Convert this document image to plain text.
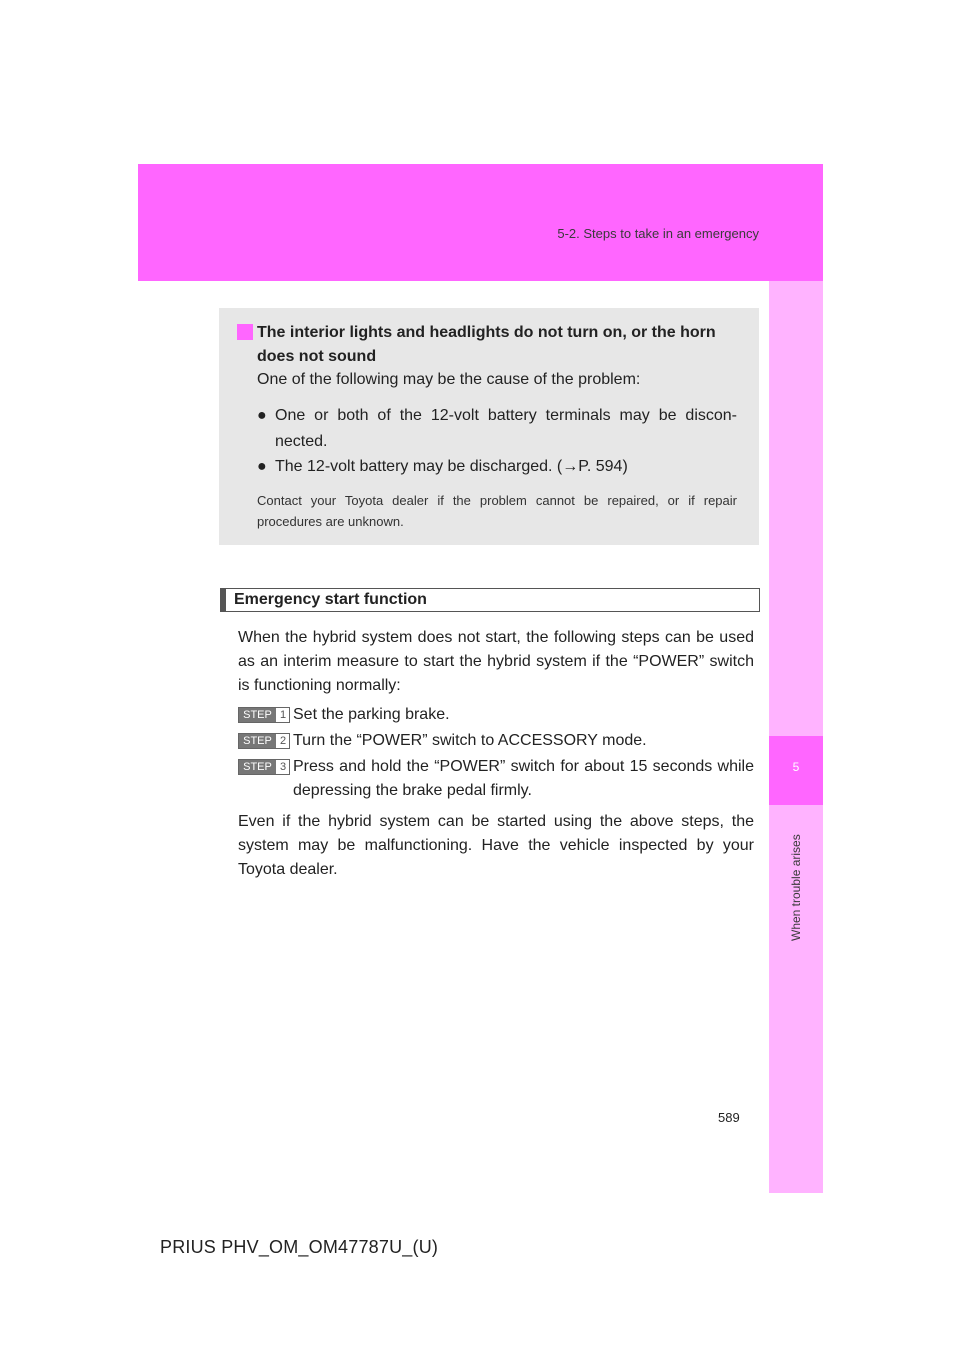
5-2. Steps to take in an emergency
5
When trouble arises
The interior lights and headlights do not turn on, or the horn does not sound
One of the following may be the cause of the problem:
● One or both of the 12-volt battery terminals may be discon-nected.
● The 12-volt battery may be discharged. (→P. 594)
Contact your Toyota dealer if the problem cannot be repaired, or if repair procedures are unknown.
Emergency start function
When the hybrid system does not start, the following steps can be used as an interim measure to start the hybrid system if the “POWER” switch is functioning normally:
STEP 1 Set the parking brake.
STEP 2 Turn the “POWER” switch to ACCESSORY mode.
STEP 3 Press and hold the “POWER” switch for about 15 seconds while depressing the brake pedal firmly.
Even if the hybrid system can be started using the above steps, the system may be malfunctioning. Have the vehicle inspected by your Toyota dealer.
589
PRIUS PHV_OM_OM47787U_(U)
